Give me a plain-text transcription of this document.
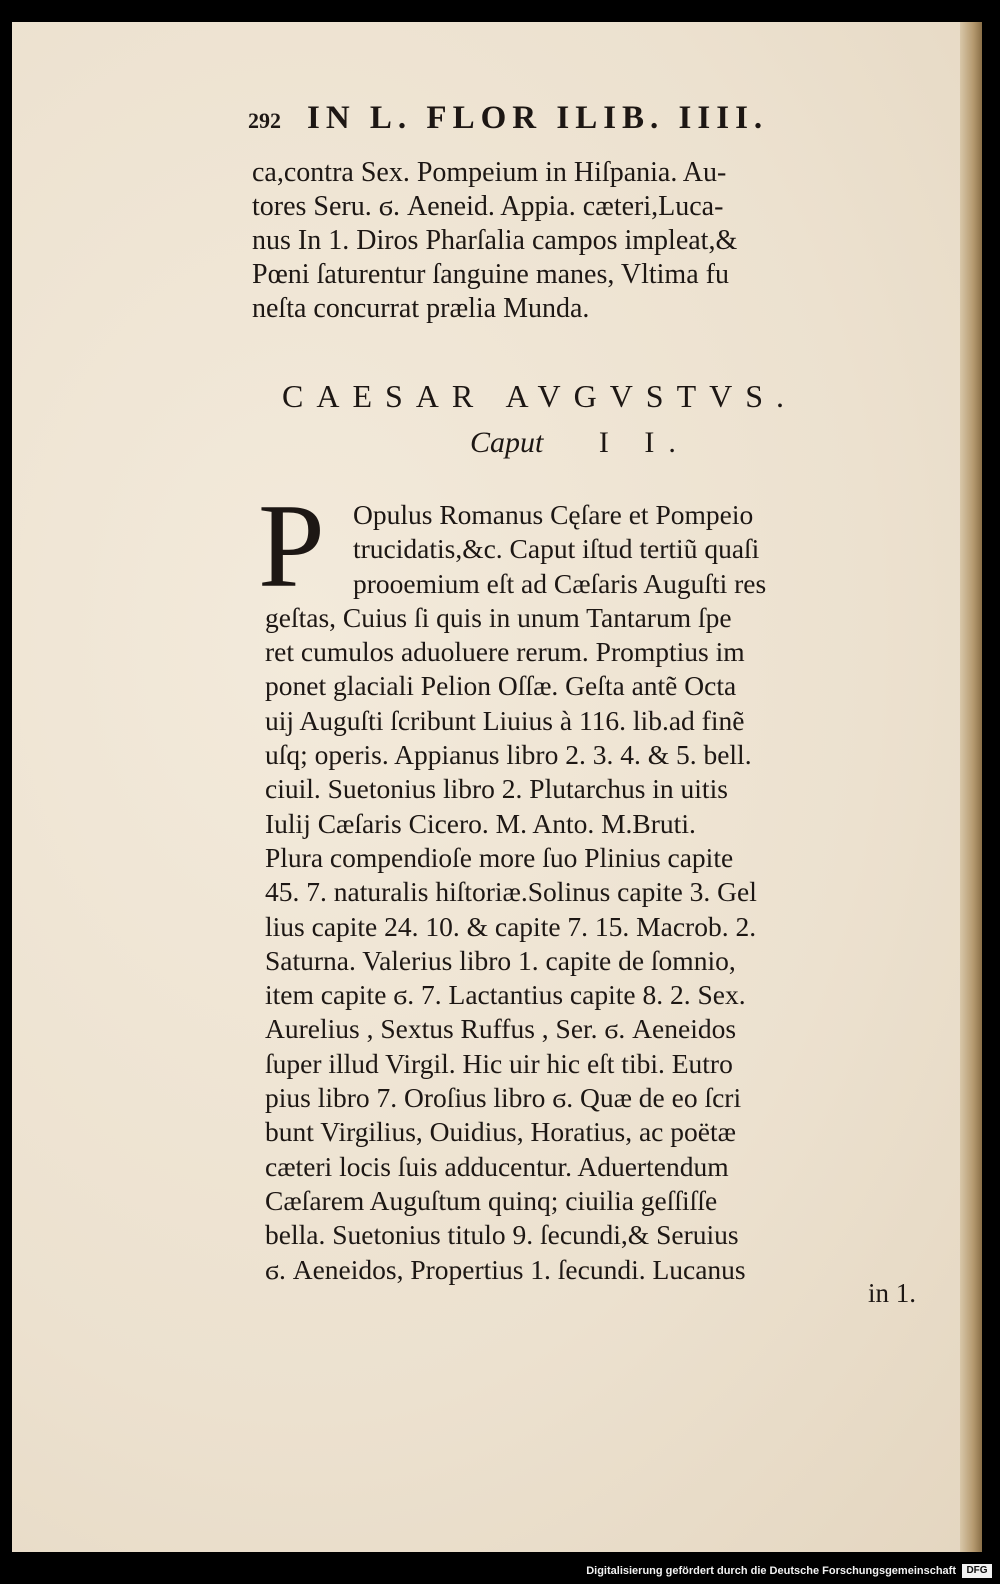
292 IN L. FLOR ILIB. IIII.
ca,contra Sex. Pompeium in Hiſpania. Au-
tores Seru. ϭ. Aeneid. Appia. cæteri,Luca-
nus In 1. Diros Pharſalia campos impleat,&
Pœni ſaturentur ſanguine manes, Vltima fu
neſta concurrat prælia Munda.
CAESAR AVGVSTVS.
Caput I I.
P	Opulus Romanus Cęſare et Pompeio
trucidatis,&c. Caput iſtud tertiũ quaſi
prooemium eſt ad Cæſaris Auguſti res
geſtas, Cuius ſi quis in unum Tantarum ſpe
ret cumulos aduoluere rerum. Promptius im
ponet glaciali Pelion Oſſæ. Geſta antẽ Octa
uij Auguſti ſcribunt Liuius à 116. lib.ad finẽ
uſq; operis. Appianus libro 2. 3. 4. & 5. bell.
ciuil. Suetonius libro 2. Plutarchus in uitis
Iulij Cæſaris Cicero. M. Anto. M.Bruti.
Plura compendioſe more ſuo Plinius capite
45. 7. naturalis hiſtoriæ.Solinus capite 3. Gel
lius capite 24. 10. & capite 7. 15. Macrob. 2.
Saturna. Valerius libro 1. capite de ſomnio,
item capite ϭ. 7. Lactantius capite 8. 2. Sex.
Aurelius , Sextus Ruffus , Ser. ϭ. Aeneidos
ſuper illud Virgil. Hic uir hic eſt tibi. Eutro
pius libro 7. Oroſius libro ϭ. Quæ de eo ſcri
bunt Virgilius, Ouidius, Horatius, ac poëtæ
cæteri locis ſuis adducentur. Aduertendum
Cæſarem Auguſtum quinq; ciuilia geſſiſſe
bella. Suetonius titulo 9. ſecundi,& Seruius
ϭ. Aeneidos, Propertius 1. ſecundi. Lucanus
in 1.
Digitalisierung gefördert durch die Deutsche Forschungsgemeinschaft	DFG
